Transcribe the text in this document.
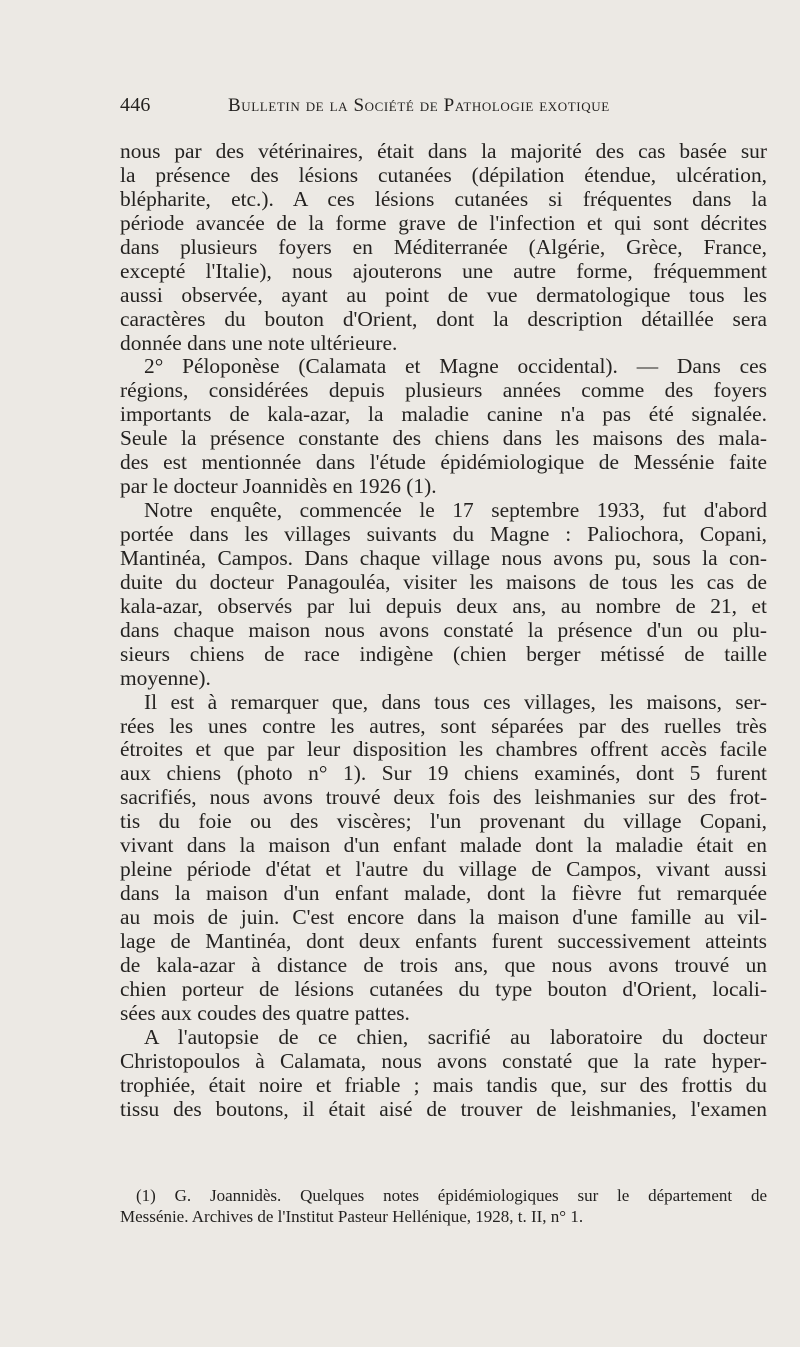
446	Bulletin de la Société de Pathologie exotique
nous par des vétérinaires, était dans la majorité des cas basée sur
la présence des lésions cutanées (dépilation étendue, ulcération,
blépharite, etc.). A ces lésions cutanées si fréquentes dans la
période avancée de la forme grave de l'infection et qui sont décrites
dans plusieurs foyers en Méditerranée (Algérie, Grèce, France,
excepté l'Italie), nous ajouterons une autre forme, fréquemment
aussi observée, ayant au point de vue dermatologique tous les
caractères du bouton d'Orient, dont la description détaillée sera
donnée dans une note ultérieure.
2° Péloponèse (Calamata et Magne occidental). — Dans ces
régions, considérées depuis plusieurs années comme des foyers
importants de kala-azar, la maladie canine n'a pas été signalée.
Seule la présence constante des chiens dans les maisons des mala-
des est mentionnée dans l'étude épidémiologique de Messénie faite
par le docteur Joannidès en 1926 (1).
Notre enquête, commencée le 17 septembre 1933, fut d'abord
portée dans les villages suivants du Magne : Paliochora, Copani,
Mantinéa, Campos. Dans chaque village nous avons pu, sous la con-
duite du docteur Panagouléa, visiter les maisons de tous les cas de
kala-azar, observés par lui depuis deux ans, au nombre de 21, et
dans chaque maison nous avons constaté la présence d'un ou plu-
sieurs chiens de race indigène (chien berger métissé de taille
moyenne).
Il est à remarquer que, dans tous ces villages, les maisons, ser-
rées les unes contre les autres, sont séparées par des ruelles très
étroites et que par leur disposition les chambres offrent accès facile
aux chiens (photo n° 1). Sur 19 chiens examinés, dont 5 furent
sacrifiés, nous avons trouvé deux fois des leishmanies sur des frot-
tis du foie ou des viscères; l'un provenant du village Copani,
vivant dans la maison d'un enfant malade dont la maladie était en
pleine période d'état et l'autre du village de Campos, vivant aussi
dans la maison d'un enfant malade, dont la fièvre fut remarquée
au mois de juin. C'est encore dans la maison d'une famille au vil-
lage de Mantinéa, dont deux enfants furent successivement atteints
de kala-azar à distance de trois ans, que nous avons trouvé un
chien porteur de lésions cutanées du type bouton d'Orient, locali-
sées aux coudes des quatre pattes.
A l'autopsie de ce chien, sacrifié au laboratoire du docteur
Christopoulos à Calamata, nous avons constaté que la rate hyper-
trophiée, était noire et friable ; mais tandis que, sur des frottis du
tissu des boutons, il était aisé de trouver de leishmanies, l'examen
(1) G. Joannidès. Quelques notes épidémiologiques sur le département de
Messénie. Archives de l'Institut Pasteur Hellénique, 1928, t. II, n° 1.
